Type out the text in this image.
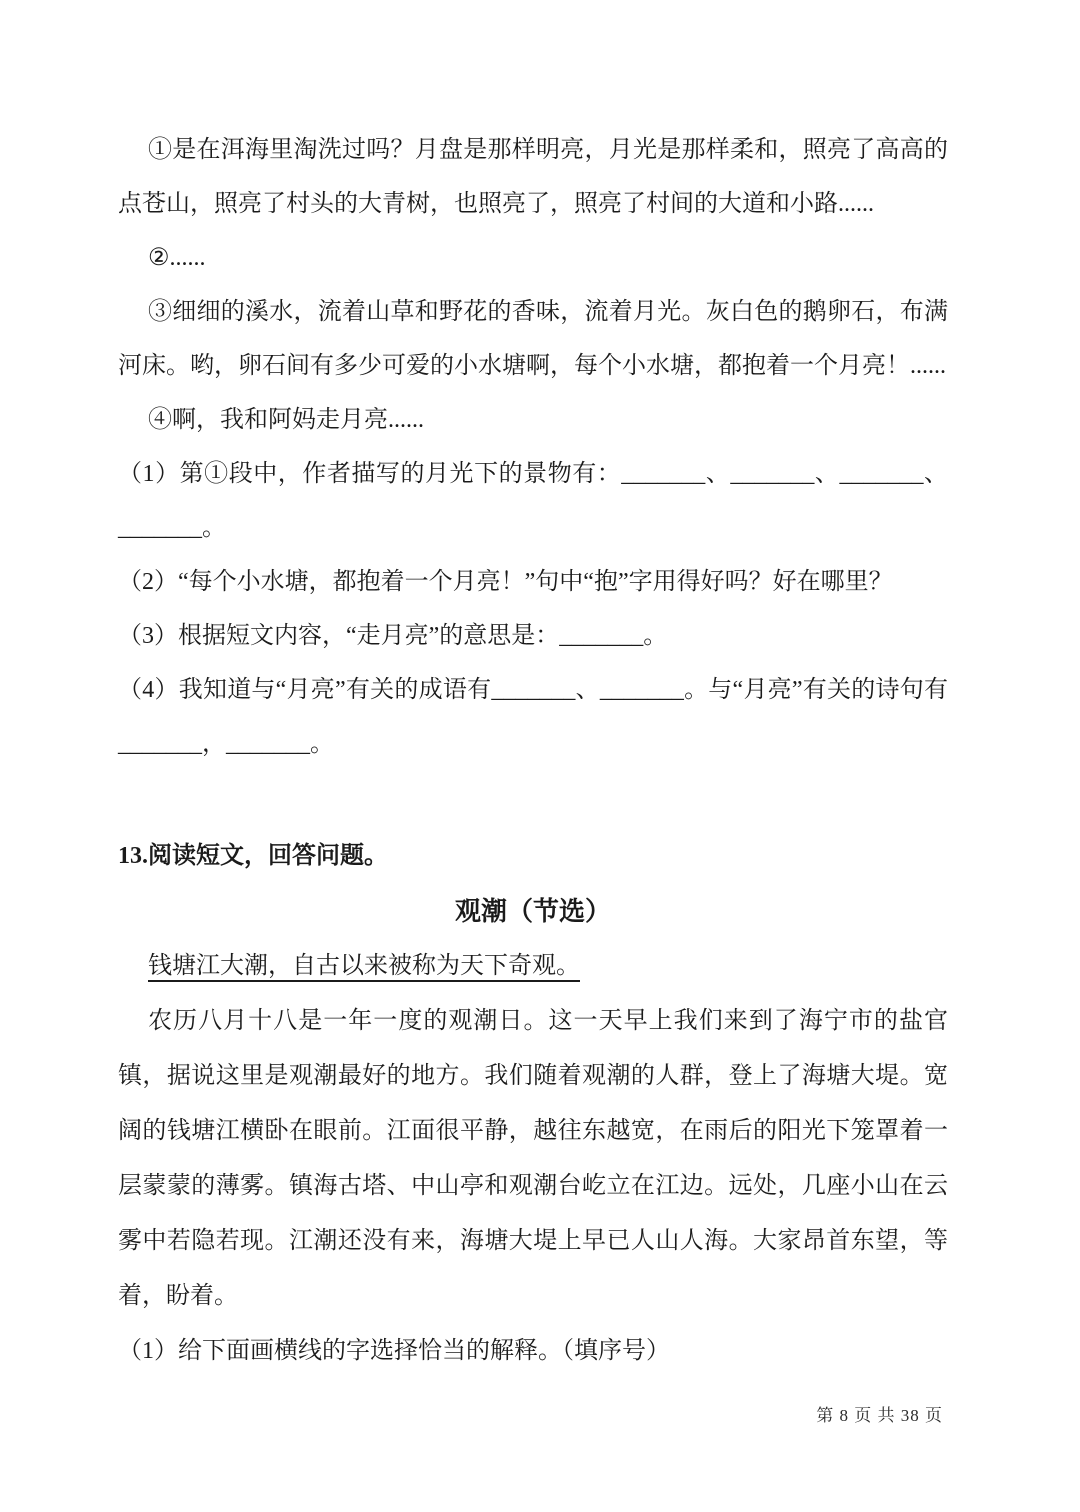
①是在洱海里淘洗过吗？月盘是那样明亮，月光是那样柔和，照亮了高高的点苍山，照亮了村头的大青树，也照亮了，照亮了村间的大道和小路......

②......

③细细的溪水，流着山草和野花的香味，流着月光。灰白色的鹅卵石，布满河床。哟，卵石间有多少可爱的小水塘啊，每个小水塘，都抱着一个月亮！......

④啊，我和阿妈走月亮......

（1）第①段中，作者描写的月光下的景物有：_______、_______、_______、_______。

（2）“每个小水塘，都抱着一个月亮！”句中“抱”字用得好吗？好在哪里？

（3）根据短文内容，“走月亮”的意思是：_______。

（4）我知道与“月亮”有关的成语有_______、_______。与“月亮”有关的诗句有_______，_______。

13.阅读短文，回答问题。

观潮（节选）

钱塘江大潮，自古以来被称为天下奇观。

农历八月十八是一年一度的观潮日。这一天早上我们来到了海宁市的盐官镇，据说这里是观潮最好的地方。我们随着观潮的人群，登上了海塘大堤。宽阔的钱塘江横卧在眼前。江面很平静，越往东越宽，在雨后的阳光下笼罩着一层蒙蒙的薄雾。镇海古塔、中山亭和观潮台屹立在江边。远处，几座小山在云雾中若隐若现。江潮还没有来，海塘大堤上早已人山人海。大家昂首东望，等着，盼着。

（1）给下面画横线的字选择恰当的解释。（填序号）

第 8 页 共 38 页
